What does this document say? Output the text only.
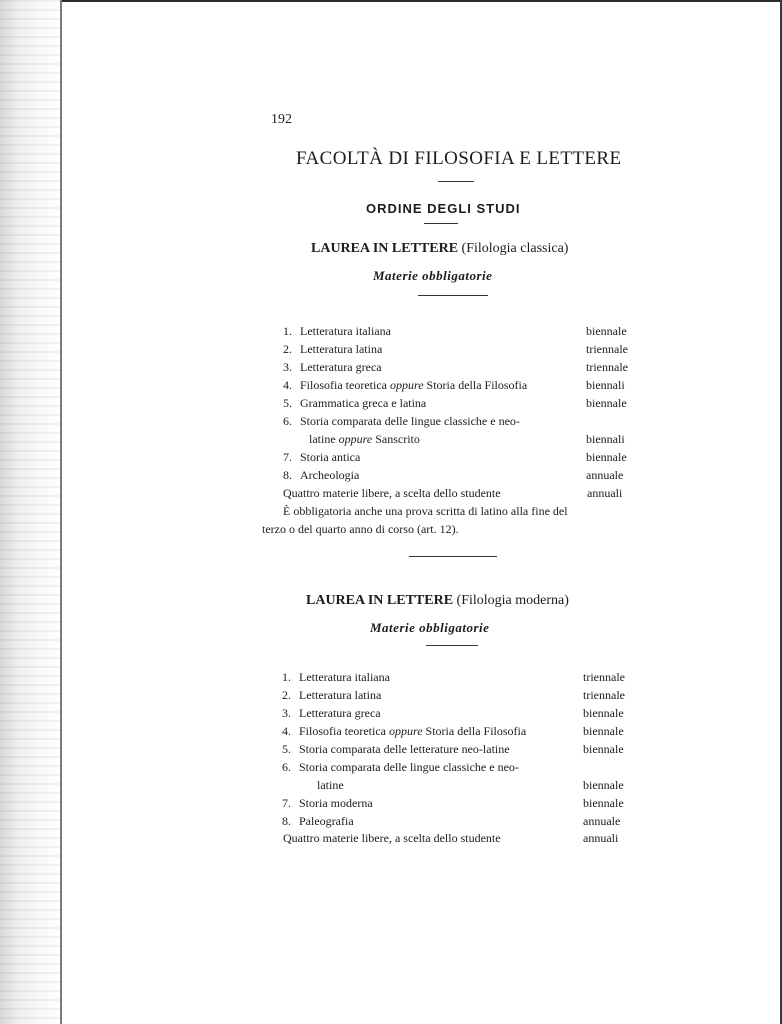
192
FACOLTÀ DI FILOSOFIA E LETTERE
ORDINE DEGLI STUDI
LAUREA IN LETTERE (Filologia classica)
Materie obbligatorie
1. Letteratura italiana	biennale
2. Letteratura latina	triennale
3. Letteratura greca	triennale
4. Filosofia teoretica oppure Storia della Filosofia	biennali
5. Grammatica greca e latina	biennale
6. Storia comparata delle lingue classiche e neo-
latine oppure Sanscrito	biennali
7. Storia antica	biennale
8. Archeologia	annuale
Quattro materie libere, a scelta dello studente	annuali
È obbligatoria anche una prova scritta di latino alla fine del
terzo o del quarto anno di corso (art. 12).
LAUREA IN LETTERE (Filologia moderna)
Materie obbligatorie
1. Letteratura italiana	triennale
2. Letteratura latina	triennale
3. Letteratura greca	biennale
4. Filosofia teoretica oppure Storia della Filosofia	biennale
5. Storia comparata delle letterature neo-latine	biennale
6. Storia comparata delle lingue classiche e neo-
latine	biennale
7. Storia moderna	biennale
8. Paleografia	annuale
Quattro materie libere, a scelta dello studente	annuali
